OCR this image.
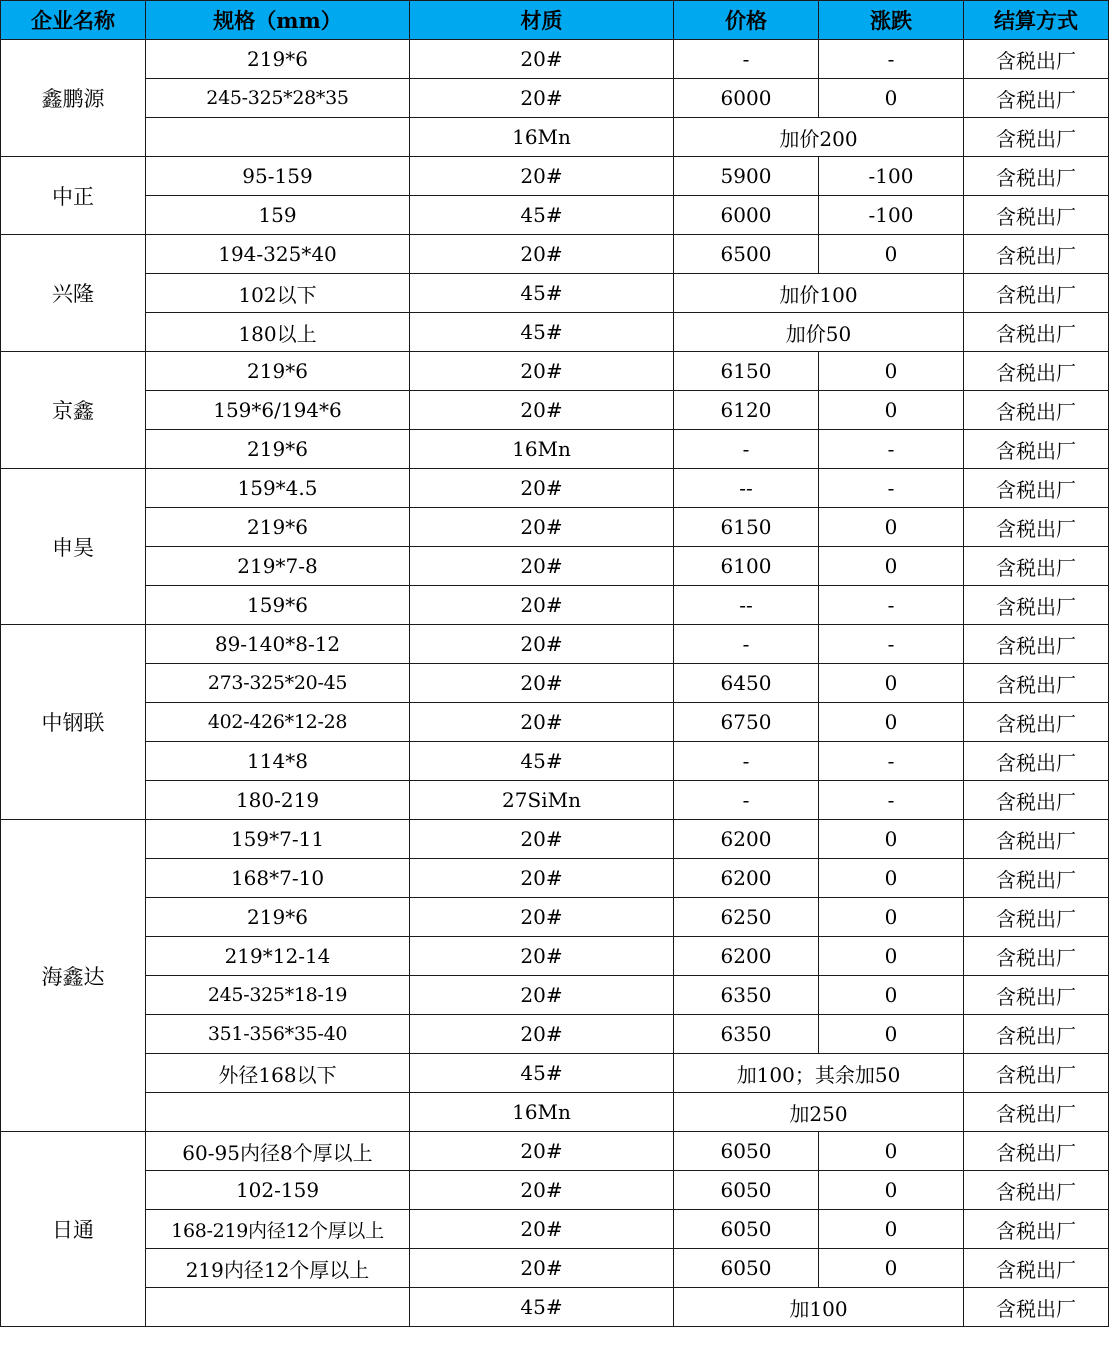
企业名称	规格（mm）	材质	价格	涨跌	结算方式
鑫鹏源	219*6	20#	-	-	含税出厂
	245-325*28*35	20#	6000	0	含税出厂
		16Mn	加价200		含税出厂
中正	95-159	20#	5900	-100	含税出厂
	159	45#	6000	-100	含税出厂
兴隆	194-325*40	20#	6500	0	含税出厂
	102以下	45#	加价100		含税出厂
	180以上	45#	加价50		含税出厂
京鑫	219*6	20#	6150	0	含税出厂
	159*6/194*6	20#	6120	0	含税出厂
	219*6	16Mn	-	-	含税出厂
申昊	159*4.5	20#	--	-	含税出厂
	219*6	20#	6150	0	含税出厂
	219*7-8	20#	6100	0	含税出厂
	159*6	20#	--	-	含税出厂
中钢联	89-140*8-12	20#	-	-	含税出厂
	273-325*20-45	20#	6450	0	含税出厂
	402-426*12-28	20#	6750	0	含税出厂
	114*8	45#	-	-	含税出厂
	180-219	27SiMn	-	-	含税出厂
海鑫达	159*7-11	20#	6200	0	含税出厂
	168*7-10	20#	6200	0	含税出厂
	219*6	20#	6250	0	含税出厂
	219*12-14	20#	6200	0	含税出厂
	245-325*18-19	20#	6350	0	含税出厂
	351-356*35-40	20#	6350	0	含税出厂
	外径168以下	45#	加100；其余加50		含税出厂
		16Mn	加250		含税出厂
日通	60-95内径8个厚以上	20#	6050	0	含税出厂
	102-159	20#	6050	0	含税出厂
	168-219内径12个厚以上	20#	6050	0	含税出厂
	219内径12个厚以上	20#	6050	0	含税出厂
		45#	加100		含税出厂
